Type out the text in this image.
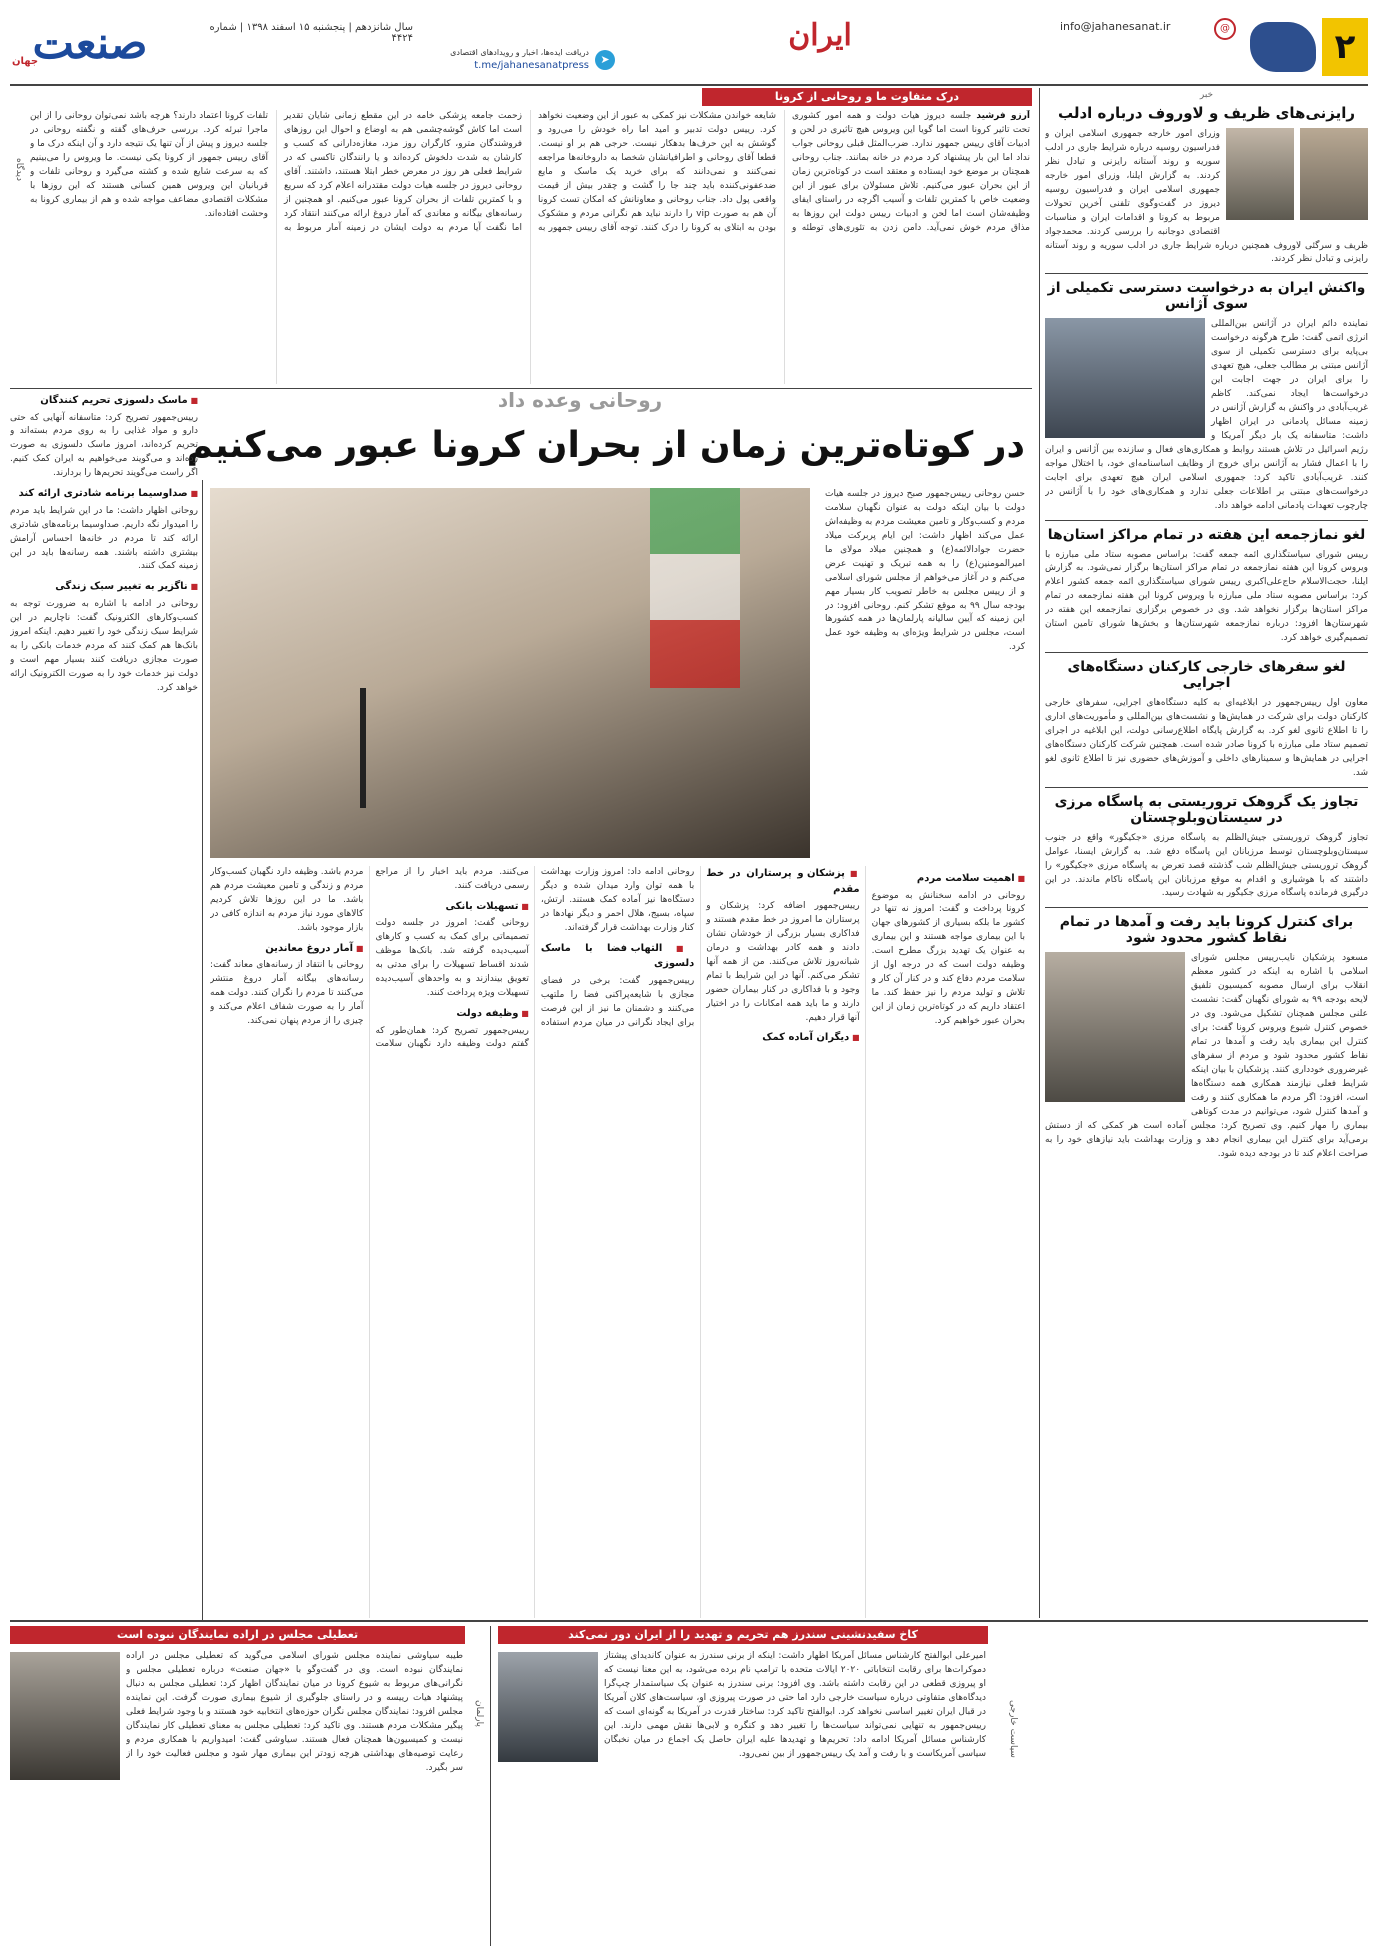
صنعت
جهان
سال شانزدهم | پنجشنبه ۱۵ اسفند ۱۳۹۸ | شماره ۴۴۲۴
دریافت ایده‌ها، اخبار و رویدادهای اقتصادی
t.me/jahanesanatpress	➤
ایران	info@jahanesanat.ir	@	۲
خبر
رایزنی‌های ظریف و لاوروف درباره ادلب
وزرای امور خارجه جمهوری اسلامی ایران و فدراسیون روسیه درباره شرایط جاری در ادلب سوریه و روند آستانه رایزنی و تبادل نظر کردند. به گزارش ایلنا، وزرای امور خارجه جمهوری اسلامی ایران و فدراسیون روسیه دیروز در گفت‌وگوی تلفنی آخرین تحولات مربوط به کرونا و اقدامات ایران و مناسبات اقتصادی دوجانبه را بررسی کردند. محمدجواد ظریف و سرگئی لاوروف همچنین درباره شرایط جاری در ادلب سوریه و روند آستانه رایزنی و تبادل نظر کردند.
واکنش ایران به درخواست دسترسی تکمیلی از سوی آژانس
نماینده دائم ایران در آژانس بین‌المللی انرژی اتمی گفت: طرح هرگونه درخواست بی‌پایه برای دسترسی تکمیلی از سوی آژانس مبتنی بر مطالب جعلی، هیچ تعهدی را برای ایران در جهت اجابت این درخواست‌ها ایجاد نمی‌کند. کاظم غریب‌آبادی در واکنش به گزارش آژانس در زمینه مسائل پادمانی در ایران اظهار داشت: متاسفانه یک بار دیگر آمریکا و رژیم اسرائیل در تلاش هستند روابط و همکاری‌های فعال و سازنده بین آژانس و ایران را با اعمال فشار به آژانس برای خروج از وظایف اساسنامه‌ای خود، با اختلال مواجه کنند. غریب‌آبادی تاکید کرد: جمهوری اسلامی ایران هیچ تعهدی برای اجابت درخواست‌های مبتنی بر اطلاعات جعلی ندارد و همکاری‌های خود را با آژانس در چارچوب تعهدات پادمانی ادامه خواهد داد.
لغو نمازجمعه این هفته در تمام مراکز استان‌ها
رییس شورای سیاستگذاری ائمه جمعه گفت: براساس مصوبه ستاد ملی مبارزه با ویروس کرونا این هفته نمازجمعه در تمام مراکز استان‌ها برگزار نمی‌شود. به گزارش ایلنا، حجت‌الاسلام حاج‌علی‌اکبری رییس شورای سیاستگذاری ائمه جمعه کشور اعلام کرد: براساس مصوبه ستاد ملی مبارزه با ویروس کرونا این هفته نمازجمعه در تمام مراکز استان‌ها برگزار نخواهد شد. وی در خصوص برگزاری نمازجمعه این هفته در شهرستان‌ها افزود: درباره نمازجمعه شهرستان‌ها و بخش‌ها شورای تامین استان تصمیم‌گیری خواهد کرد.
لغو سفرهای خارجی کارکنان دستگاه‌های اجرایی
معاون اول رییس‌جمهور در ابلاغیه‌ای به کلیه دستگاه‌های اجرایی، سفرهای خارجی کارکنان دولت برای شرکت در همایش‌ها و نشست‌های بین‌المللی و مأموریت‌های اداری را تا اطلاع ثانوی لغو کرد. به گزارش پایگاه اطلاع‌رسانی دولت، این ابلاغیه در اجرای تصمیم ستاد ملی مبارزه با کرونا صادر شده است. همچنین شرکت کارکنان دستگاه‌های اجرایی در همایش‌ها و سمینارهای داخلی و آموزش‌های حضوری نیز تا اطلاع ثانوی لغو شد.
تجاوز یک گروهک تروریستی به پاسگاه مرزی در سیستان‌وبلوچستان
تجاوز گروهک تروریستی جیش‌الظلم به پاسگاه مرزی «جکیگور» واقع در جنوب سیستان‌وبلوچستان توسط مرزبانان این پاسگاه دفع شد. به گزارش ایسنا، عوامل گروهک تروریستی جیش‌الظلم شب گذشته قصد تعرض به پاسگاه مرزی «جکیگور» را داشتند که با هوشیاری و اقدام به موقع مرزبانان این پاسگاه ناکام ماندند. در این درگیری فرمانده پاسگاه مرزی جکیگور به شهادت رسید.
برای کنترل کرونا باید رفت و آمدها در تمام نقاط کشور محدود شود
مسعود پزشکیان نایب‌رییس مجلس شورای اسلامی با اشاره به اینکه در کشور معظم انقلاب برای ارسال مصوبه کمیسیون تلفیق لایحه بودجه ۹۹ به شورای نگهبان گفت: نشست علنی مجلس همچنان تشکیل می‌شود. وی در خصوص کنترل شیوع ویروس کرونا گفت: برای کنترل این بیماری باید رفت و آمدها در تمام نقاط کشور محدود شود و مردم از سفرهای غیرضروری خودداری کنند. پزشکیان با بیان اینکه شرایط فعلی نیازمند همکاری همه دستگاه‌ها است، افزود: اگر مردم ما همکاری کنند و رفت و آمدها کنترل شود، می‌توانیم در مدت کوتاهی بیماری را مهار کنیم. وی تصریح کرد: مجلس آماده است هر کمکی که از دستش برمی‌آید برای کنترل این بیماری انجام دهد و وزارت بهداشت باید نیازهای خود را به صراحت اعلام کند تا در بودجه دیده شود.
دیدگاه
درک متفاوت ما و روحانی از کرونا
آرزو فرشید جلسه دیروز هیات دولت و همه امور کشوری تحت تاثیر کرونا است اما گویا این ویروس هیچ تاثیری در لحن و ادبیات آقای رییس جمهور ندارد. ضرب‌المثل قبلی روحانی جواب نداد اما این بار پیشنهاد کرد مردم در خانه بمانند. جناب روحانی همچنان بر موضع خود ایستاده و معتقد است در کوتاه‌ترین زمان از این بحران عبور می‌کنیم. تلاش مسئولان برای عبور از این وضعیت خاص با کمترین تلفات و آسیب اگرچه در راستای ایفای وظیفه‌شان است اما لحن و ادبیات رییس دولت این روزها به مذاق مردم خوش نمی‌آید. دامن زدن به تئوری‌های توطئه و شایعه خواندن مشکلات نیز کمکی به عبور از این وضعیت نخواهد کرد. رییس دولت تدبیر و امید اما راه خودش را می‌رود و گوشش به این حرف‌ها بدهکار نیست. حرجی هم بر او نیست. قطعا آقای روحانی و اطرافیانشان شخصا به داروخانه‌ها مراجعه نمی‌کنند و نمی‌دانند که برای خرید یک ماسک و مایع ضدعفونی‌کننده باید چند جا را گشت و چقدر بیش از قیمت واقعی پول داد. جناب روحانی و معاونانش که امکان تست کرونا آن هم به صورت vip را دارند نباید هم نگرانی مردم و مشکوک بودن به ابتلای به کرونا را درک کنند. توجه آقای رییس جمهور به زحمت جامعه پزشکی خامه در این مقطع زمانی شایان تقدیر است اما کاش گوشه‌چشمی هم به اوضاع و احوال این روزهای فروشندگان مترو، کارگران روز مزد، مغازه‌دارانی که کسب و کارشان به شدت دلخوش کرده‌اند و یا رانندگان تاکسی که در شرایط فعلی هر روز در معرض خطر ابتلا هستند، داشتند. آقای روحانی دیروز در جلسه هیات دولت مقتدرانه اعلام کرد که سریع و با کمترین تلفات از بحران کرونا عبور می‌کنیم. او همچنین از رسانه‌های بیگانه و معاندی که آمار دروغ ارائه می‌کنند انتقاد کرد اما نگفت آیا مردم به دولت ایشان در زمینه آمار مربوط به تلفات کرونا اعتماد دارند؟ هرچه باشد نمی‌توان روحانی را از این ماجرا تبرئه کرد. بررسی حرف‌های گفته و نگفته روحانی در جلسه دیروز و پیش از آن تنها یک نتیجه دارد و آن اینکه درک ما و آقای رییس جمهور از کرونا یکی نیست. ما ویروس را می‌بینیم که به سرعت شایع شده و کشته می‌گیرد و روحانی تلفات و قربانیان این ویروس همین کسانی هستند که این روزها با مشکلات اقتصادی مضاعف مواجه شده و هم از بیماری کرونا به وحشت افتاده‌اند.
روحانی وعده داد
در کوتاه‌ترین زمان از بحران کرونا عبور می‌کنیم
حسن روحانی رییس‌جمهور صبح دیروز در جلسه هیات دولت با بیان اینکه دولت به عنوان نگهبان سلامت مردم و کسب‌وکار و تامین معیشت مردم به وظیفه‌اش عمل می‌کند اظهار داشت: این ایام پربرکت میلاد حضرت جوادالائمه(ع) و همچنین میلاد مولای ما امیرالمومنین(ع) را به همه تبریک و تهنیت عرض می‌کنم و در آغاز می‌خواهم از مجلس شورای اسلامی و از رییس مجلس به خاطر تصویب کار بسیار مهم بودجه سال ۹۹ به موقع تشکر کنم. روحانی افزود: در این زمینه که آیین سالیانه پارلمان‌ها در همه کشورها است، مجلس در شرایط ویژه‌ای به وظیفه خود عمل کرد.
■ ماسک دلسوزی تحریم کنندگان
رییس‌جمهور تصریح کرد: متاسفانه آنهایی که حتی دارو و مواد غذایی را به روی مردم بسته‌اند و تحریم کرده‌اند، امروز ماسک دلسوزی به صورت زده‌اند و می‌گویند می‌خواهیم به ایران کمک کنیم. اگر راست می‌گویند تحریم‌ها را بردارند.
■ صداوسیما برنامه شادتری ارائه کند
روحانی اظهار داشت: ما در این شرایط باید مردم را امیدوار نگه داریم. صداوسیما برنامه‌های شادتری ارائه کند تا مردم در خانه‌ها احساس آرامش بیشتری داشته باشند. همه رسانه‌ها باید در این زمینه کمک کنند.
■ ناگزیر به تغییر سبک زندگی
روحانی در ادامه با اشاره به ضرورت توجه به کسب‌وکارهای الکترونیک گفت: ناچاریم در این شرایط سبک زندگی خود را تغییر دهیم. اینکه امروز بانک‌ها هم کمک کنند که مردم خدمات بانکی را به صورت مجازی دریافت کنند بسیار مهم است و دولت نیز خدمات خود را به صورت الکترونیک ارائه خواهد کرد.
■ اهمیت سلامت مردم
روحانی در ادامه سخنانش به موضوع کرونا پرداخت و گفت: امروز نه تنها در کشور ما بلکه بسیاری از کشورهای جهان با این بیماری مواجه هستند و این بیماری به عنوان یک تهدید بزرگ مطرح است. وظیفه دولت است که در درجه اول از سلامت مردم دفاع کند و در کنار آن کار و تلاش و تولید مردم را نیز حفظ کند. ما اعتقاد داریم که در کوتاه‌ترین زمان از این بحران عبور خواهیم کرد.
■ پزشکان و پرستاران در خط مقدم
رییس‌جمهور اضافه کرد: پزشکان و پرستاران ما امروز در خط مقدم هستند و فداکاری بسیار بزرگی از خودشان نشان دادند و همه کادر بهداشت و درمان شبانه‌روز تلاش می‌کنند. من از همه آنها تشکر می‌کنم. آنها در این شرایط با تمام وجود و با فداکاری در کنار بیماران حضور دارند و ما باید همه امکانات را در اختیار آنها قرار دهیم.
■ دیگران آماده کمک
روحانی ادامه داد: امروز وزارت بهداشت با همه توان وارد میدان شده و دیگر دستگاه‌ها نیز آماده کمک هستند. ارتش، سپاه، بسیج، هلال احمر و دیگر نهادها در کنار وزارت بهداشت قرار گرفته‌اند.
■ التهاب فضا با ماسک دلسوزی
رییس‌جمهور گفت: برخی در فضای مجازی با شایعه‌پراکنی فضا را ملتهب می‌کنند و دشمنان ما نیز از این فرصت برای ایجاد نگرانی در میان مردم استفاده می‌کنند. مردم باید اخبار را از مراجع رسمی دریافت کنند.
■ تسهیلات بانکی
روحانی گفت: امروز در جلسه دولت تصمیماتی برای کمک به کسب و کارهای آسیب‌دیده گرفته شد. بانک‌ها موظف شدند اقساط تسهیلات را برای مدتی به تعویق بیندازند و به واحدهای آسیب‌دیده تسهیلات ویژه پرداخت کنند.
■ وظیفه دولت
رییس‌جمهور تصریح کرد: همان‌طور که گفتم دولت وظیفه دارد نگهبان سلامت مردم باشد. وظیفه دارد نگهبان کسب‌وکار مردم و زندگی و تامین معیشت مردم هم باشد. ما در این روزها تلاش کردیم کالاهای مورد نیاز مردم به اندازه کافی در بازار موجود باشد.
■ آمار دروغ معاندین
روحانی با انتقاد از رسانه‌های معاند گفت: رسانه‌های بیگانه آمار دروغ منتشر می‌کنند تا مردم را نگران کنند. دولت همه آمار را به صورت شفاف اعلام می‌کند و چیزی را از مردم پنهان نمی‌کند.
تعطیلی مجلس در اراده نمایندگان نبوده است
طیبه سیاوشی نماینده مجلس شورای اسلامی می‌گوید که تعطیلی مجلس در اراده نمایندگان نبوده است. وی در گفت‌وگو با «جهان صنعت» درباره تعطیلی مجلس و نگرانی‌های مربوط به شیوع کرونا در میان نمایندگان اظهار کرد: تعطیلی مجلس به دنبال پیشنهاد هیات رییسه و در راستای جلوگیری از شیوع بیماری صورت گرفت. این نماینده مجلس افزود: نمایندگان مجلس نگران حوزه‌های انتخابیه خود هستند و با وجود شرایط فعلی پیگیر مشکلات مردم هستند. وی تاکید کرد: تعطیلی مجلس به معنای تعطیلی کار نمایندگان نیست و کمیسیون‌ها همچنان فعال هستند. سیاوشی گفت: امیدواریم با همکاری مردم و رعایت توصیه‌های بهداشتی هرچه زودتر این بیماری مهار شود و مجلس فعالیت خود را از سر بگیرد.
پارلمان
کاخ سفیدنشینی سندرز هم تحریم و تهدید را از ایران دور نمی‌کند
امیرعلی ابوالفتح کارشناس مسائل آمریکا اظهار داشت: اینکه از برنی سندرز به عنوان کاندیدای پیشتاز دموکرات‌ها برای رقابت انتخاباتی ۲۰۲۰ ایالات متحده با ترامپ نام برده می‌شود، به این معنا نیست که او پیروزی قطعی در این رقابت داشته باشد. وی افزود: برنی سندرز به عنوان یک سیاستمدار چپ‌گرا دیدگاه‌های متفاوتی درباره سیاست خارجی دارد اما حتی در صورت پیروزی او، سیاست‌های کلان آمریکا در قبال ایران تغییر اساسی نخواهد کرد. ابوالفتح تاکید کرد: ساختار قدرت در آمریکا به گونه‌ای است که رییس‌جمهور به تنهایی نمی‌تواند سیاست‌ها را تغییر دهد و کنگره و لابی‌ها نقش مهمی دارند. این کارشناس مسائل آمریکا ادامه داد: تحریم‌ها و تهدیدها علیه ایران حاصل یک اجماع در میان نخبگان سیاسی آمریکاست و با رفت و آمد یک رییس‌جمهور از بین نمی‌رود.	سیاست خارجی
